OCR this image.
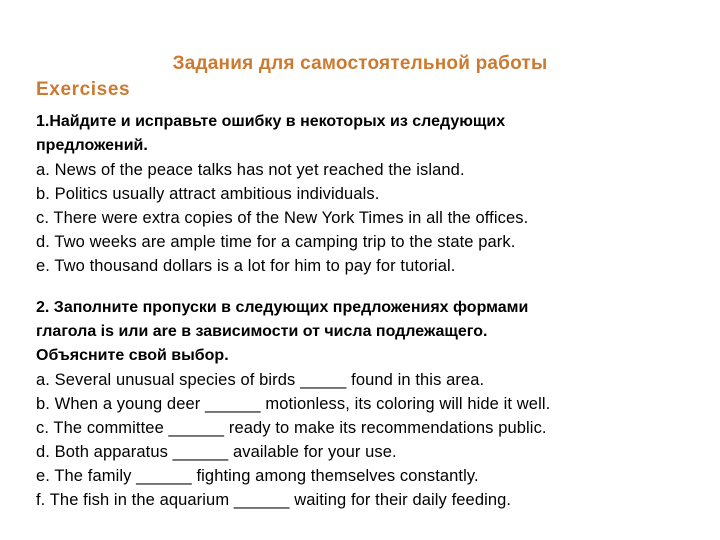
Задания для самостоятельной работы
Exercises
1.Найдите и исправьте ошибку в некоторых из следующих
предложений.
a. News of the peace talks has not yet reached the island.
b. Politics usually attract ambitious individuals.
c. There were extra copies of the New York Times in all the offices.
d. Two weeks are ample time for a camping trip to the state park.
e. Two thousand dollars is a lot for him to pay for tutorial.
2. Заполните пропуски в следующих предложениях формами
глагола is или are в зависимости от числа подлежащего.
Объясните свой выбор.
a. Several unusual species of birds _____ found in this area.
b. When a young deer ______ motionless, its coloring will hide it well.
c. The committee ______ ready to make its recommendations public.
d. Both apparatus ______ available for your use.
e. The family ______ fighting among themselves constantly.
f. The fish in the aquarium ______ waiting for their daily feeding.
